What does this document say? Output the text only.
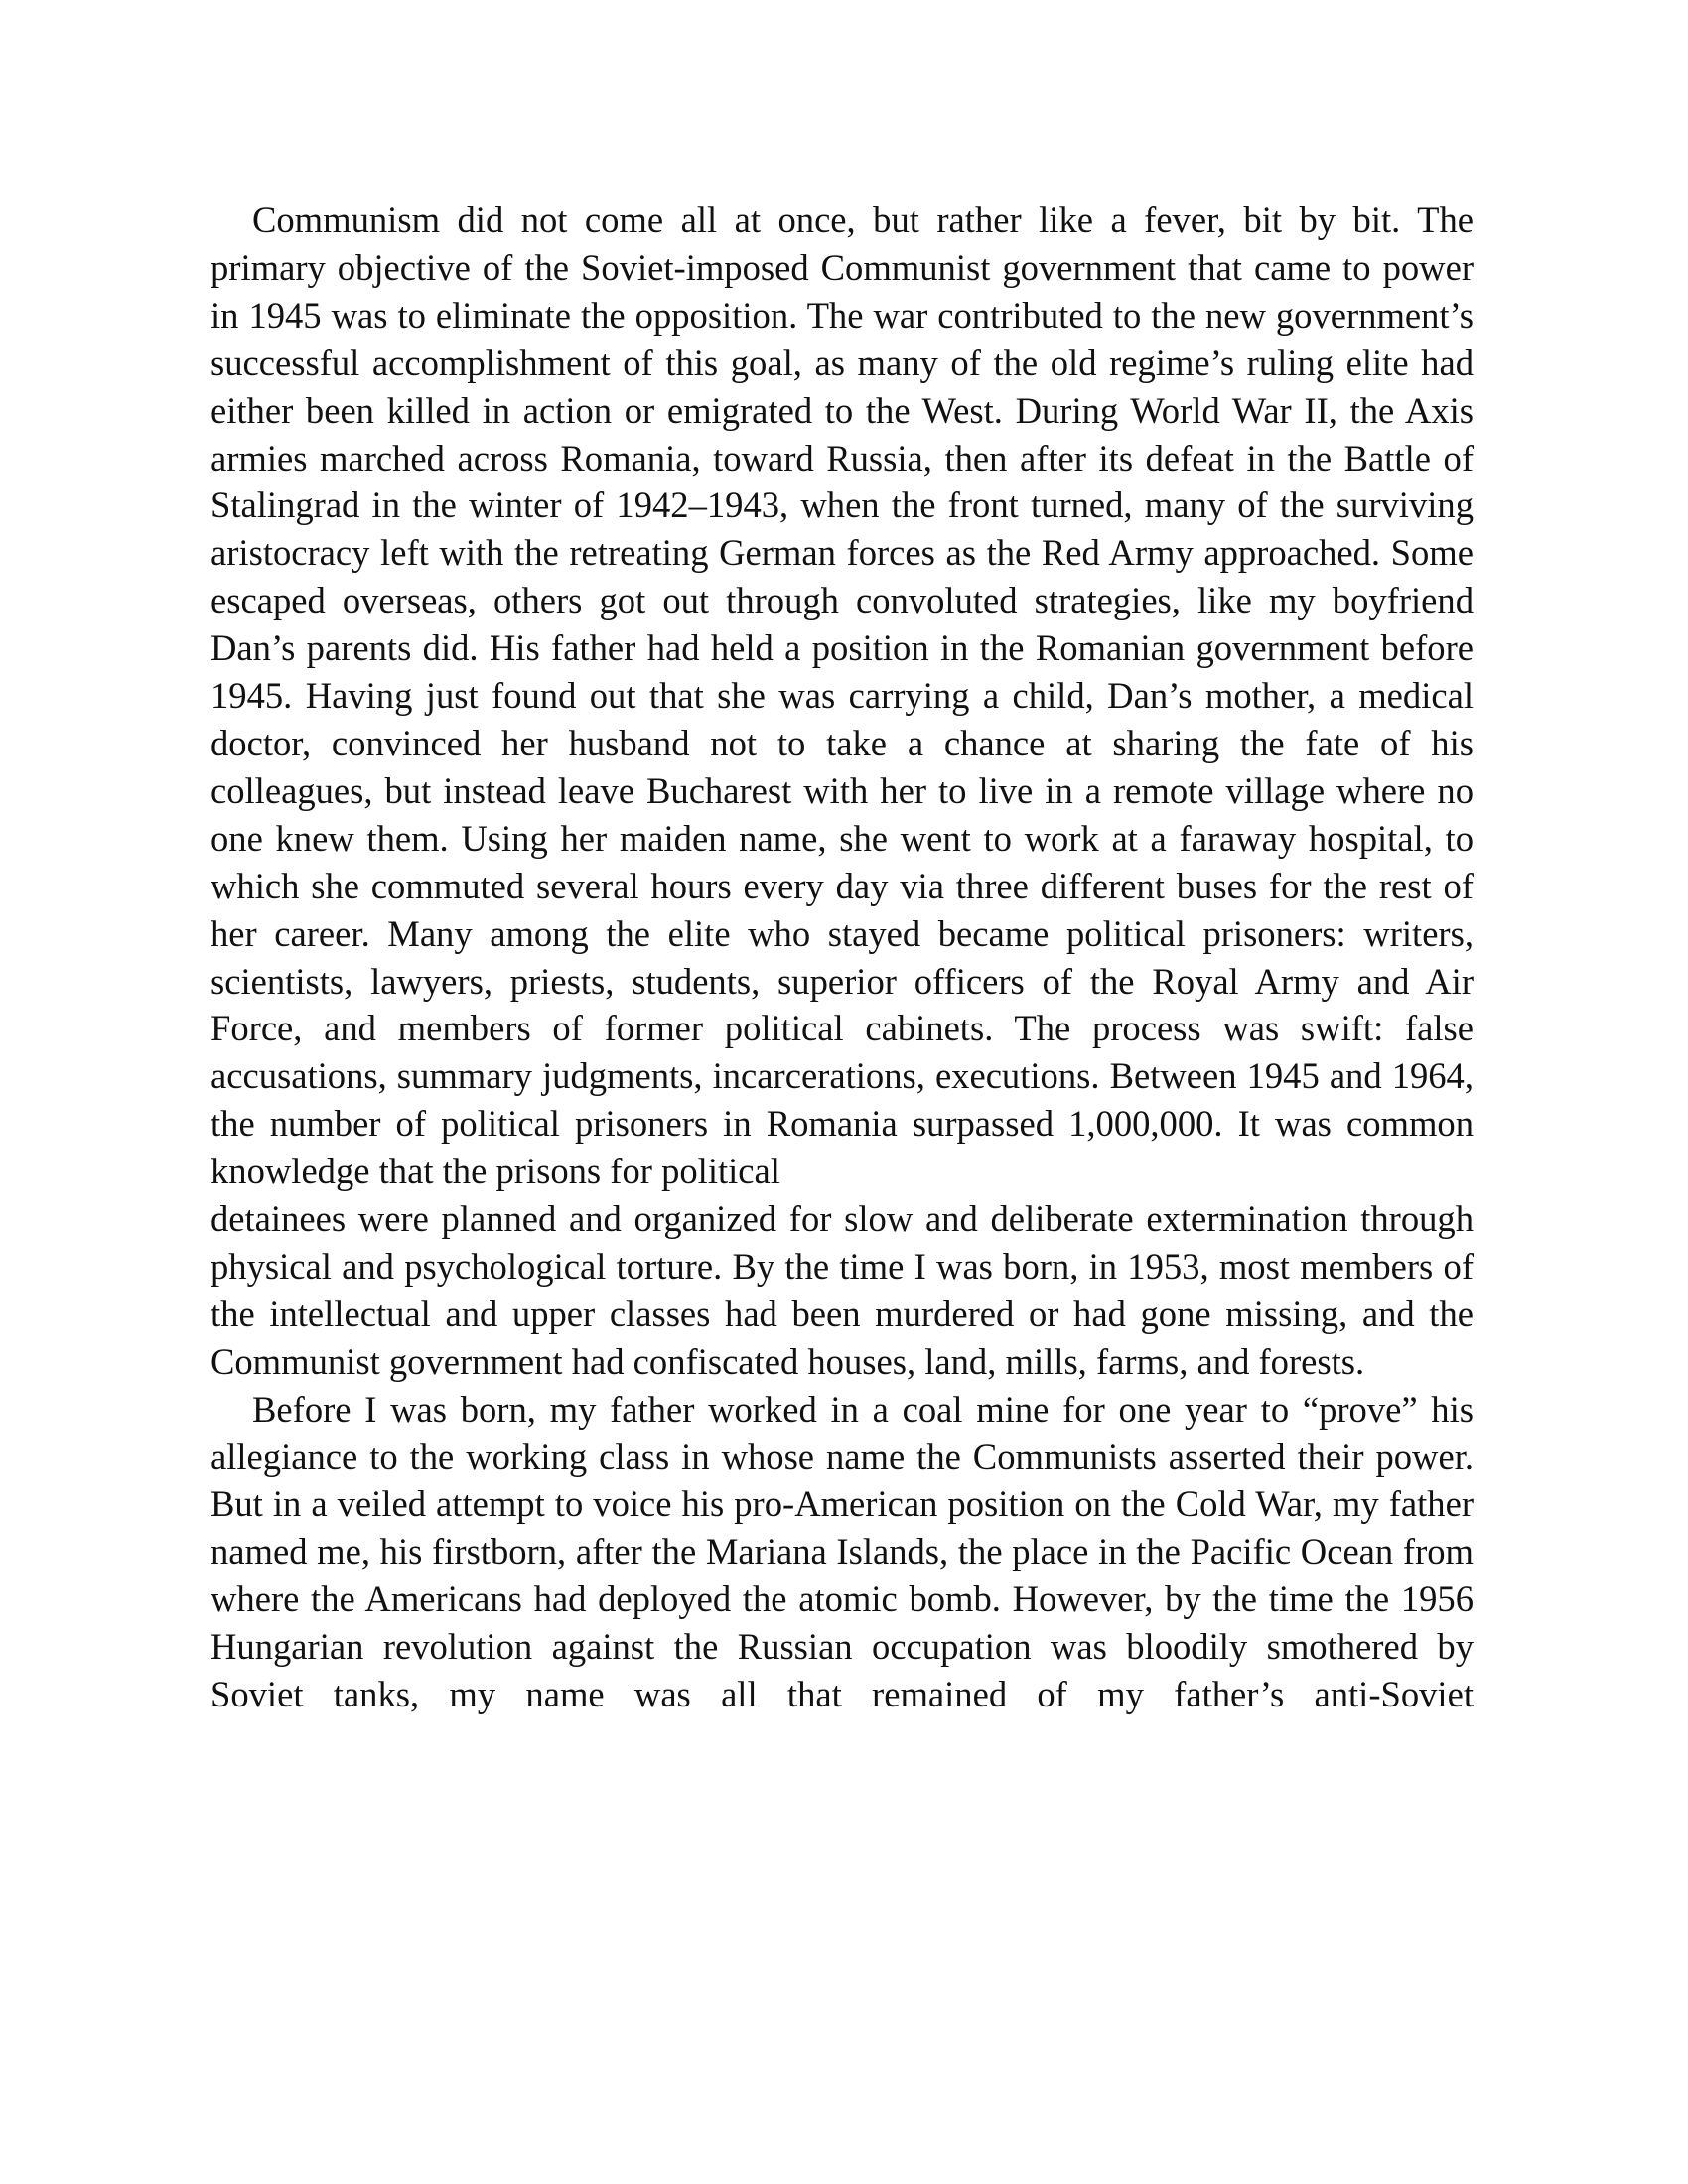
Communism did not come all at once, but rather like a fever, bit by bit. The primary objective of the Soviet-imposed Communist government that came to power in 1945 was to eliminate the opposition. The war contributed to the new government’s successful accomplishment of this goal, as many of the old regime’s ruling elite had either been killed in action or emigrated to the West. During World War II, the Axis armies marched across Romania, toward Russia, then after its defeat in the Battle of Stalingrad in the winter of 1942–1943, when the front turned, many of the surviving aristocracy left with the retreating German forces as the Red Army approached. Some escaped overseas, others got out through convoluted strategies, like my boyfriend Dan’s parents did. His father had held a position in the Romanian government before 1945. Having just found out that she was carrying a child, Dan’s mother, a medical doctor, convinced her husband not to take a chance at sharing the fate of his colleagues, but instead leave Bucharest with her to live in a remote village where no one knew them. Using her maiden name, she went to work at a faraway hospital, to which she commuted several hours every day via three different buses for the rest of her career. Many among the elite who stayed became political prisoners: writers, scientists, lawyers, priests, students, superior officers of the Royal Army and Air Force, and members of former political cabinets. The process was swift: false accusations, summary judgments, incarcerations, executions. Between 1945 and 1964, the number of political prisoners in Romania surpassed 1,000,000. It was common knowledge that the prisons for political

detainees were planned and organized for slow and deliberate extermination through physical and psychological torture. By the time I was born, in 1953, most members of the intellectual and upper classes had been murdered or had gone missing, and the Communist government had confiscated houses, land, mills, farms, and forests.

Before I was born, my father worked in a coal mine for one year to “prove” his allegiance to the working class in whose name the Communists asserted their power. But in a veiled attempt to voice his pro-American position on the Cold War, my father named me, his firstborn, after the Mariana Islands, the place in the Pacific Ocean from where the Americans had deployed the atomic bomb. However, by the time the 1956 Hungarian revolution against the Russian occupation was bloodily smothered by Soviet tanks, my name was all that remained of my father’s anti-Soviet
